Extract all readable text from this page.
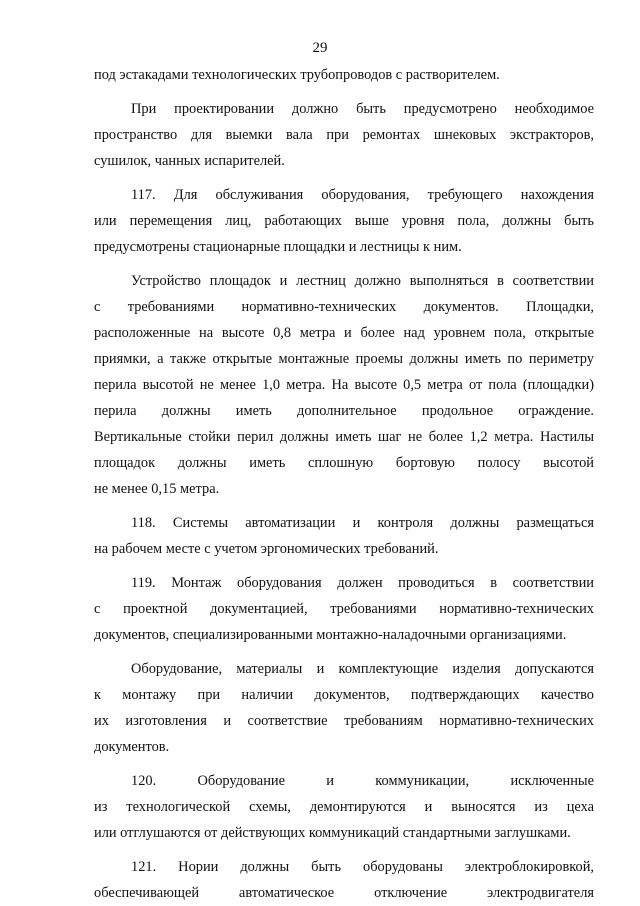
29
под эстакадами технологических трубопроводов с растворителем.
При проектировании должно быть предусмотрено необходимое
пространство для выемки вала при ремонтах шнековых экстракторов,
сушилок, чанных испарителей.
117. Для обслуживания оборудования, требующего нахождения
или перемещения лиц, работающих выше уровня пола, должны быть
предусмотрены стационарные площадки и лестницы к ним.
Устройство площадок и лестниц должно выполняться в соответствии
с требованиями нормативно-технических документов. Площадки,
расположенные на высоте 0,8 метра и более над уровнем пола, открытые
приямки, а также открытые монтажные проемы должны иметь по периметру
перила высотой не менее 1,0 метра. На высоте 0,5 метра от пола (площадки)
перила должны иметь дополнительное продольное ограждение.
Вертикальные стойки перил должны иметь шаг не более 1,2 метра. Настилы
площадок должны иметь сплошную бортовую полосу высотой
не менее 0,15 метра.
118. Системы автоматизации и контроля должны размещаться
на рабочем месте с учетом эргономических требований.
119. Монтаж оборудования должен проводиться в соответствии
с проектной документацией, требованиями нормативно-технических
документов, специализированными монтажно-наладочными организациями.
Оборудование, материалы и комплектующие изделия допускаются
к монтажу при наличии документов, подтверждающих качество
их изготовления и соответствие требованиям нормативно-технических
документов.
120. Оборудование и коммуникации, исключенные
из технологической схемы, демонтируются и выносятся из цеха
или отглушаются от действующих коммуникаций стандартными заглушками.
121. Нории должны быть оборудованы электроблокировкой,
обеспечивающей автоматическое отключение электродвигателя
